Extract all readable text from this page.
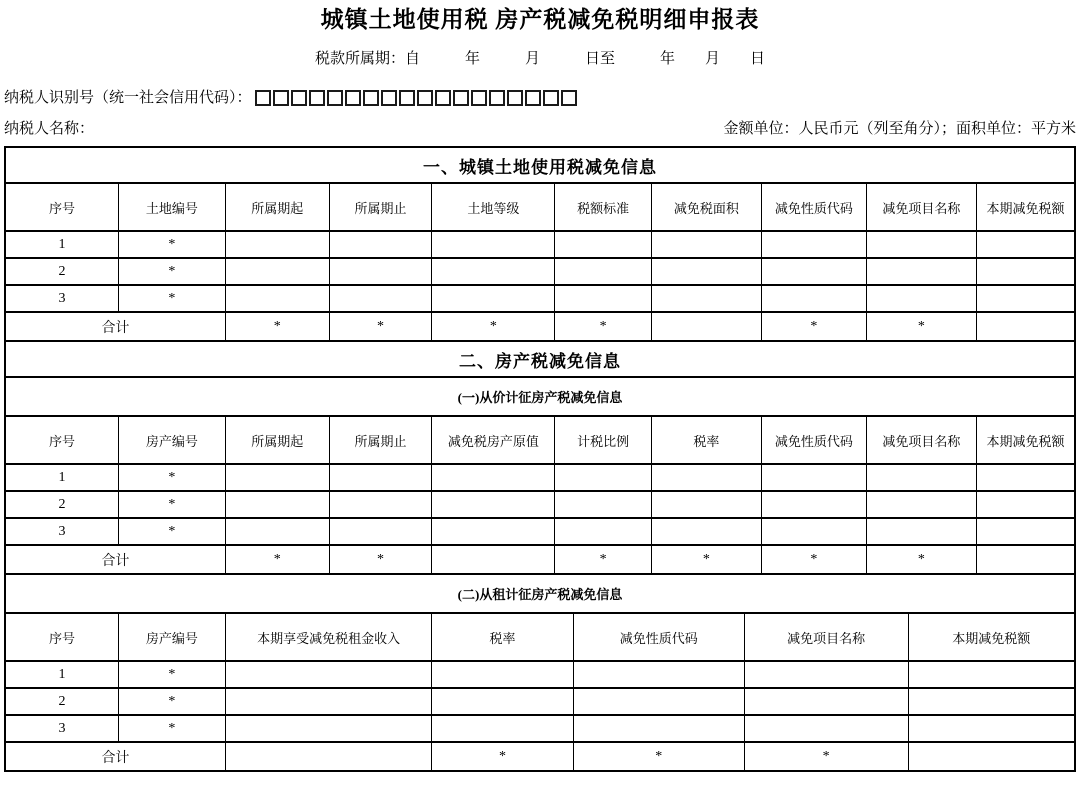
城镇土地使用税 房产税减免税明细申报表
税款所属期：自　　　年　　　月　　　日至　　　年　　月　　日
纳税人识别号（统一社会信用代码）：
纳税人名称：	金额单位：人民币元（列至角分）；面积单位：平方米
一、城镇土地使用税减免信息									
序号	土地编号	所属期起	所属期止	土地等级	税额标准	减免税面积	减免性质代码	减免项目名称	本期减免税额
1	*								
2	*								
3	*								
合计		*	*	*	*		*	*	
二、房产税减免信息									
(一)从价计征房产税减免信息									
序号	房产编号	所属期起	所属期止	减免税房产原值	计税比例	税率	减免性质代码	减免项目名称	本期减免税额
1	*								
2	*								
3	*								
合计		*	*		*	*	*	*	
(二)从租计征房产税减免信息						
序号	房产编号	本期享受减免税租金收入	税率	减免性质代码	减免项目名称	本期减免税额
1	*					
2	*					
3	*					
合计			*	*	*	
